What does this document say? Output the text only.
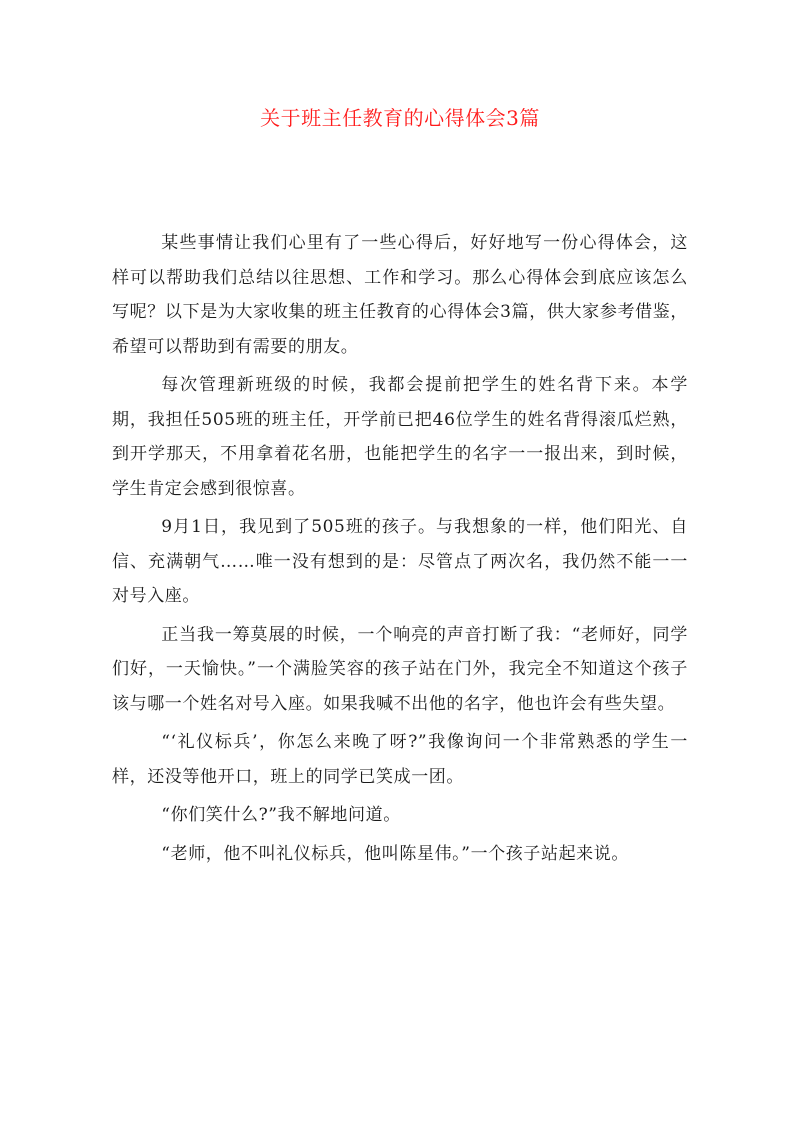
关于班主任教育的心得体会3篇

某些事情让我们心里有了一些心得后，好好地写一份心得体会，这样可以帮助我们总结以往思想、工作和学习。那么心得体会到底应该怎么写呢？以下是为大家收集的班主任教育的心得体会3篇，供大家参考借鉴，希望可以帮助到有需要的朋友。

每次管理新班级的时候，我都会提前把学生的姓名背下来。本学期，我担任505班的班主任，开学前已把46位学生的姓名背得滚瓜烂熟，到开学那天，不用拿着花名册，也能把学生的名字一一报出来，到时候，学生肯定会感到很惊喜。

9月1日，我见到了505班的孩子。与我想象的一样，他们阳光、自信、充满朝气……唯一没有想到的是：尽管点了两次名，我仍然不能一一对号入座。

正当我一筹莫展的时候，一个响亮的声音打断了我：“老师好，同学们好，一天愉快。”一个满脸笑容的孩子站在门外，我完全不知道这个孩子该与哪一个姓名对号入座。如果我喊不出他的名字，他也许会有些失望。

“‘礼仪标兵’，你怎么来晚了呀?”我像询问一个非常熟悉的学生一样，还没等他开口，班上的同学已笑成一团。

“你们笑什么?”我不解地问道。

“老师，他不叫礼仪标兵，他叫陈星伟。”一个孩子站起来说。
